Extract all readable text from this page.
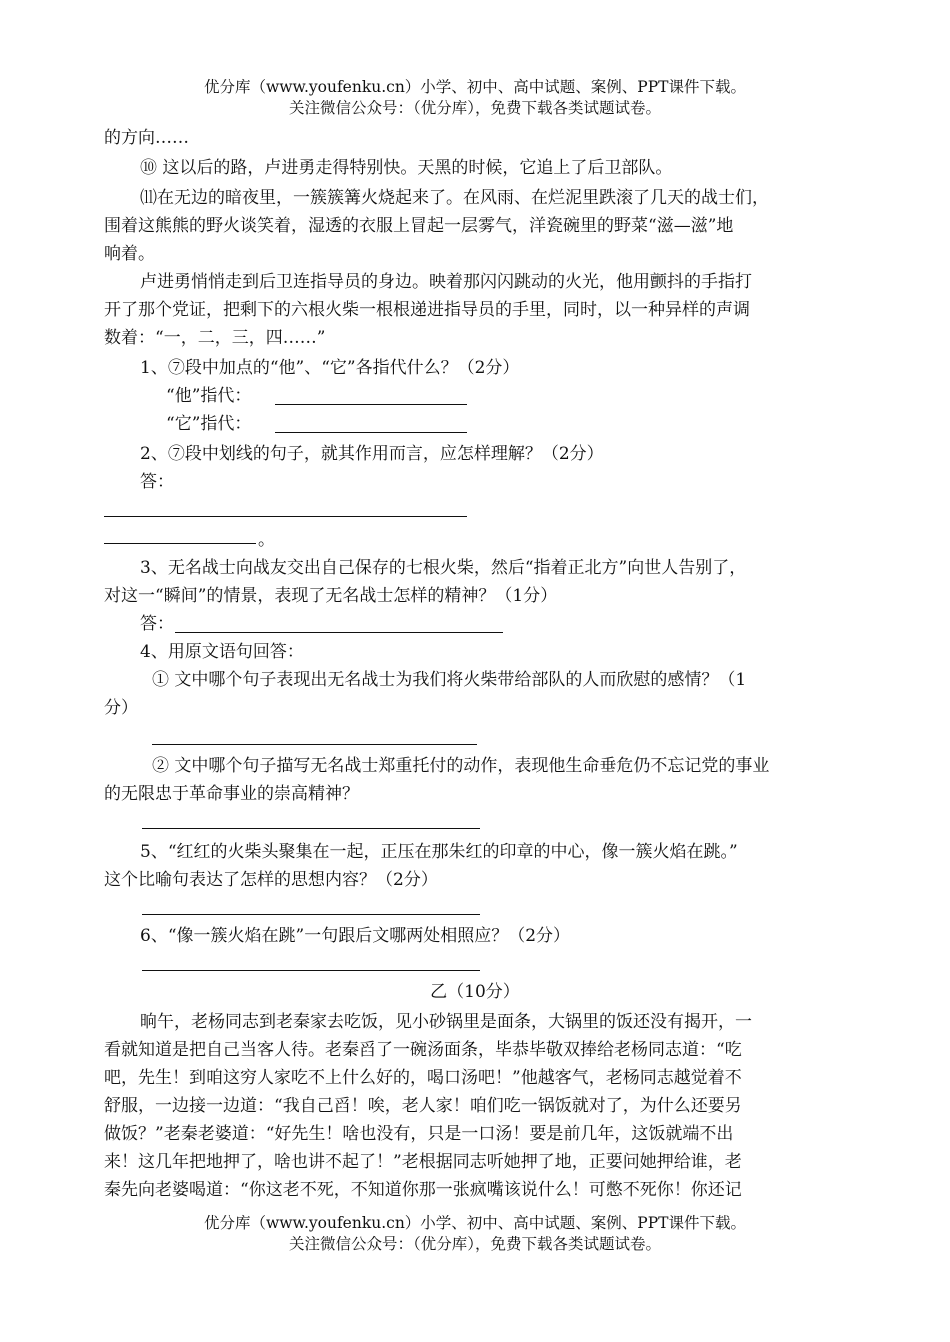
优分库（www.youfenku.cn）小学、初中、高中试题、案例、PPT课件下载。
关注微信公众号：（优分库），免费下载各类试题试卷。
的方向……
⑩ 这以后的路，卢进勇走得特别快。天黑的时候，它追上了后卫部队。
⑾在无边的暗夜里，一簇簇篝火烧起来了。在风雨、在烂泥里跌滚了几天的战士们，
围着这熊熊的野火谈笑着，湿透的衣服上冒起一层雾气，洋瓷碗里的野菜“滋—滋”地
响着。
卢进勇悄悄走到后卫连指导员的身边。映着那闪闪跳动的火光，他用颤抖的手指打
开了那个党证，把剩下的六根火柴一根根递进指导员的手里，同时，以一种异样的声调
数着：“一，二，三，四……”
1、⑦段中加点的“他”、“它”各指代什么？（2分）
“他”指代：
“它”指代：
2、⑦段中划线的句子，就其作用而言，应怎样理解？（2分）
答：
。
3、无名战士向战友交出自己保存的七根火柴，然后“指着正北方”向世人告别了，
对这一“瞬间”的情景，表现了无名战士怎样的精神？（1分）
答：
4、用原文语句回答：
① 文中哪个句子表现出无名战士为我们将火柴带给部队的人而欣慰的感情？（1
分）
② 文中哪个句子描写无名战士郑重托付的动作，表现他生命垂危仍不忘记党的事业
的无限忠于革命事业的崇高精神？
5、“红红的火柴头聚集在一起，正压在那朱红的印章的中心，像一簇火焰在跳。”
这个比喻句表达了怎样的思想内容？（2分）
6、“像一簇火焰在跳”一句跟后文哪两处相照应？（2分）
乙（10分）
晌午，老杨同志到老秦家去吃饭，见小砂锅里是面条，大锅里的饭还没有揭开，一
看就知道是把自己当客人待。老秦舀了一碗汤面条，毕恭毕敬双捧给老杨同志道：“吃
吧，先生！到咱这穷人家吃不上什么好的，喝口汤吧！”他越客气，老杨同志越觉着不
舒服，一边接一边道：“我自己舀！唉，老人家！咱们吃一锅饭就对了，为什么还要另
做饭？”老秦老婆道：“好先生！啥也没有，只是一口汤！要是前几年，这饭就端不出
来！这几年把地押了，啥也讲不起了！”老根据同志听她押了地，正要问她押给谁，老
秦先向老婆喝道：“你这老不死，不知道你那一张疯嘴该说什么！可憋不死你！你还记
优分库（www.youfenku.cn）小学、初中、高中试题、案例、PPT课件下载。
关注微信公众号：（优分库），免费下载各类试题试卷。
